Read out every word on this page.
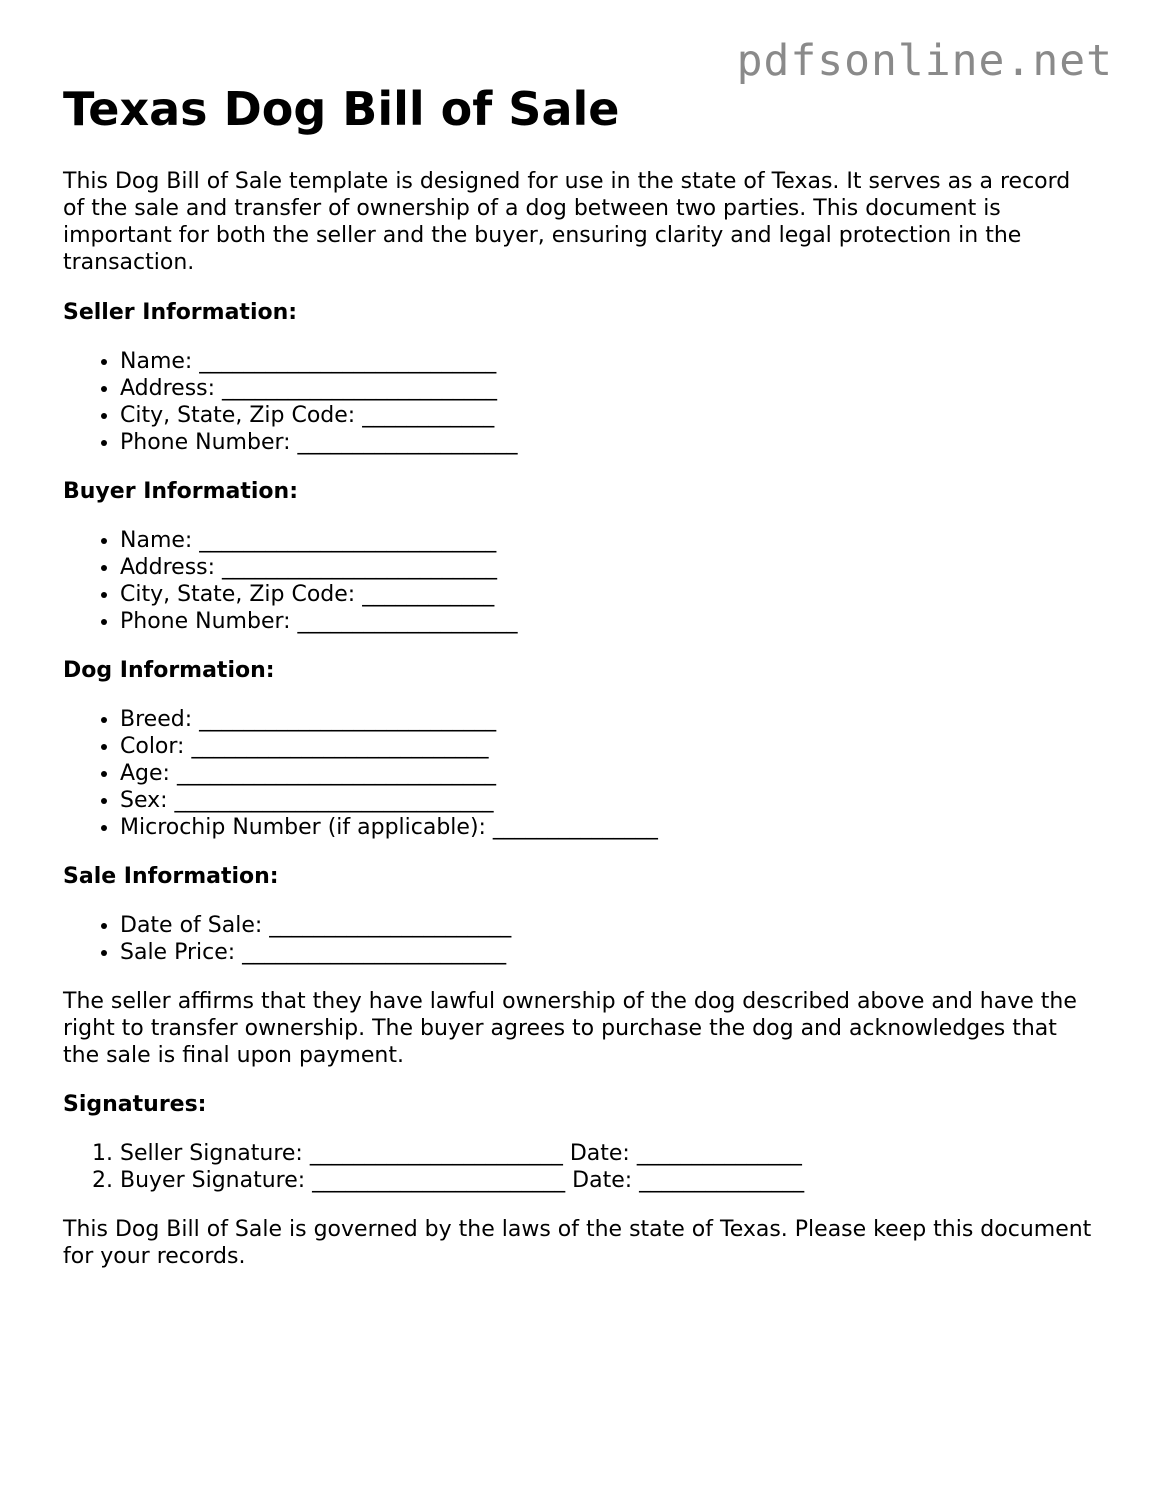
pdfsonline.net
Texas Dog Bill of Sale

This Dog Bill of Sale template is designed for use in the state of Texas. It serves as a record of the sale and transfer of ownership of a dog between two parties. This document is important for both the seller and the buyer, ensuring clarity and legal protection in the transaction.

Seller Information:
• Name: ___________________________
• Address: _________________________
• City, State, Zip Code: ____________
• Phone Number: ____________________
Buyer Information:
• Name: ___________________________
• Address: _________________________
• City, State, Zip Code: ____________
• Phone Number: ____________________
Dog Information:
• Breed: ___________________________
• Color: ___________________________
• Age: _____________________________
• Sex: _____________________________
• Microchip Number (if applicable): _______________
Sale Information:
• Date of Sale: ______________________
• Sale Price: ________________________

The seller affirms that they have lawful ownership of the dog described above and have the right to transfer ownership. The buyer agrees to purchase the dog and acknowledges that the sale is final upon payment.

Signatures:
1. Seller Signature: _______________________ Date: _______________
2. Buyer Signature: _______________________ Date: _______________

This Dog Bill of Sale is governed by the laws of the state of Texas. Please keep this document for your records.
